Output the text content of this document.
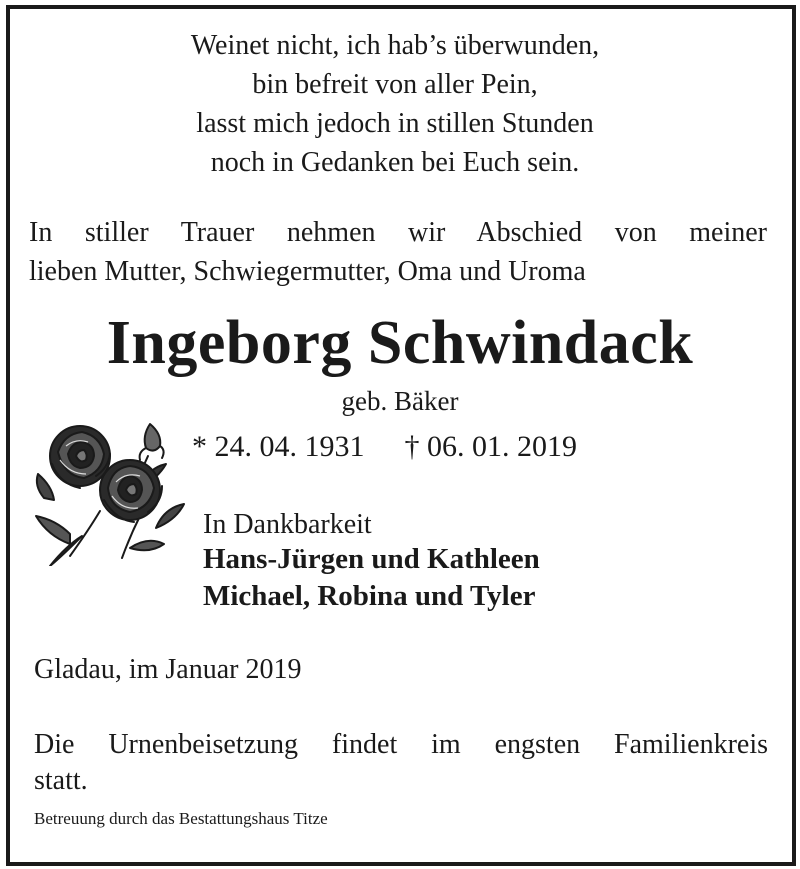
Weinet nicht, ich hab’s überwunden,
bin befreit von aller Pein,
lasst mich jedoch in stillen Stunden
noch in Gedanken bei Euch sein.
In stiller Trauer nehmen wir Abschied von meiner
lieben Mutter, Schwiegermutter, Oma und Uroma
Ingeborg Schwindack
geb. Bäker
* 24. 04. 1931 † 06. 01. 2019
In Dankbarkeit
Hans-Jürgen und Kathleen
Michael, Robina und Tyler
Gladau, im Januar 2019
Die Urnenbeisetzung findet im engsten Familienkreis
statt.
Betreuung durch das Bestattungshaus Titze
